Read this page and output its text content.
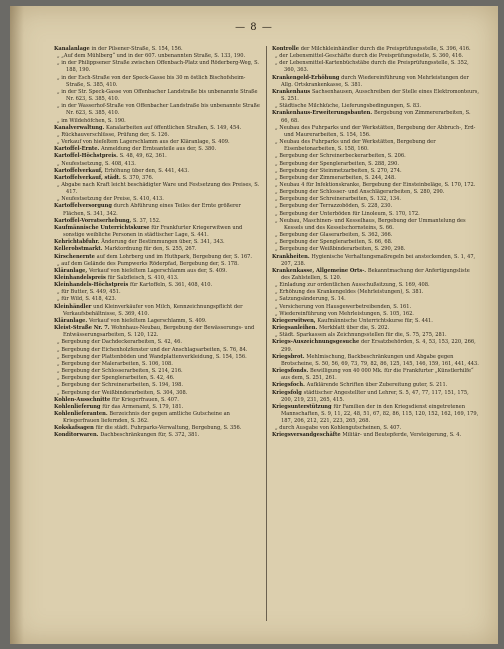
— 8 —

Kanalanlage in der Pilsener-Straße, S. 154, 156.

„ „Auf dem Mühlberg“ und in der 607. unbenannten Straße, S. 133, 190.

„ in der Philippsener Straße zwischen Offenbach-Platz und Röderberg-Weg, S. 188, 190.

„ in der Esch-Straße von der Speck-Gasse bis 30 m östlich Bischofsheim-Straße, S. 385, 410.

„ in der Str. Speck-Gasse von Offenbacher Landstraße bis unbenannte Straße Nr. 623, S. 385, 410.

„ in der Wasserhof-Straße von Offenbacher Landstraße bis unbenannte Straße Nr. 623, S. 385, 410.

„ im Wildehöfchen, S. 190.

Kanalverwaltung. Kanalarbeiten auf öffentlichen Straßen, S. 149, 454.

„ Rückhauverschlüsse, Prüfung der, S. 126.

„ Verkauf von hieſeltem Lagerschlamm aus der Kläranlage, S. 409.

Kartoffel-Ernte. Anmeldung der Ernteanteile aus der, S. 380.

Kartoffel-Höchstpreis. S. 48, 49, 62, 361.

„ Neufestsetzung, S. 408, 413.

Kartoffelverkauf, Erhöhung über den, S. 441, 443.

Kartoffelverkauf, städt. S. 370, 376.

„ Abgabe nach Kraft leicht beschädigter Ware und Festsetzung des Preises, S. 417.

„ Neufestsetzung der Preise, S. 410, 413.

Kartoffelversorgung durch Abführung eines Teiles der Ernte größerer Flächen, S. 341, 342.

Kartoffel-Vorratserhebung, S. 37, 152.

Kaufmännische Unterrichtskurse für Frankfurter Kriegerwitwen und sonstige weibliche Personen in städtischer Lage, S. 441.

Kehrichtabfuhr. Änderung der Bestimmungen über, S. 341, 343.

Kellerobstmarkt. Marktordnung für den, S. 255, 267.

Kirschenernte auf dem Lohrberg und im Huthpark, Bergebung der, S. 167.

„ auf dem Gelände des Pumpwerks Röderpfad, Bergebung der, S. 178.

Kläranlage, Verkauf von hieſeltem Lagerschlamm aus der, S. 409.

Kleinhandelspreis für Salzfleisch, S. 410, 413.

Kleinhandels-Höchstpreis für Kartoffeln, S. 361, 408, 410.

„ für Butter, S. 449, 451.

„ für Wild, S. 418, 423.

Kleinhändler und Kleinverkäufer von Milch, Kennzeichnungspflicht der Verkaufsbehältnisse, S. 369, 410.

Kläranlage. Verkauf von hieſeltem Lagerschlamm, S. 409.

Kleist-Straße Nr. 7. Wohnhaus-Neubau, Bergebung der Bewässerungs- und Entwässerungsarbeiten, S. 120, 122.

„ Bergebung der Dachdeckerarbeiten, S. 42, 46.

„ Bergebung der Eichenholzfenster und der Anschlagsarbeiten, S. 76, 84.

„ Bergebung der Plattenböden und Wandplattenverkleidung, S. 154, 156.

„ Bergebung der Malerarbeiten, S. 106, 108.

„ Bergebung der Schlosserarbeiten, S. 214, 216.

„ Bergebung der Spenglerarbeiten, S. 42, 46.

„ Bergebung der Schreinerarbeiten, S. 194, 198.

„ Bergebung der Weißbinderarbeiten, S. 304, 308.

Kohlen-Ausschnitte für Kriegerfrauen, S. 407.

Kohlenlieferung für das Armenamt, S. 179, 181.

Kohlenlieferanten. Berzeichnis der gegen amtliche Gutscheine an Kriegerfrauen liefernden, S. 362.

Kokskafsagen für die städt. Fuhrparks-Verwaltung, Bergebung, S. 356.

Konditorwaren. Dachbeschränkungen für, S. 372, 381.

Kontrolle der Milchkleinhändler durch die Preisprüfungsstelle, S. 396, 416.

„ der Lebensmittel-Geschäfte durch die Preisprüfungsstelle, S. 360, 416.

„ der Lebensmittel-Kartenbüchstäbe durch die Preisprüfungsstelle, S. 352, 360, 363.

Krankengeld-Erhöhung durch Wiedereinführung von Mehrleistungen der Allg. Ortskrankenkasse, S. 381.

Krankenhaus Sachsenhausen, Ausschreiben der Stelle eines Elektromonteurs, S. 251.

„ Städtische Milchküche, Lieferungsbedingungen, S. 83.

Krankenhaus-Erweiterungsbauten. Bergebung von Zimmererarbeiten, S. 66, 68.

„ Neubau des Fuhrparks und der Werkstätten, Bergebung der Abbruch-, Erd- und Maurerarbeiten, S. 154, 156.

„ Neubau des Fuhrparks und der Werkstätten, Bergebung der Eisenbetonarbeiten, S. 158, 160.

„ Bergebung der Schreinerbeckerarbeiten, S. 206.

„ Bergebung der Spenglerarbeiten, S. 288, 290.

„ Bergebung der Steinmetzarbeiten, S. 270, 274.

„ Bergebung der Zimmerarbeiten, S. 244, 248.

„ Neubau 4 für Infektionskranke, Bergebung der Einsteinbeläge, S. 170, 172.

„ Bergebung der Schlosser- und Anschlägerarbeiten, S. 280, 290.

„ Bergebung der Schreinerarbeiten, S. 132, 134.

„ Bergebung der Terrazzoböden, S. 228, 230.

„ Bergebung der Unterböden für Linoleum, S. 170, 172.

„ Neubau, Maschinen- und Kesselhaus, Bergebung der Ummantelung des Kessels und des Kesselschornsteins, S. 66.

„ Bergebung der Glaserarbeiten, S. 362, 366.

„ Bergebung der Spenglerarbeiten, S. 66, 68.

„ Bergebung der Weißbinderarbeiten, S. 290, 298.

Krankheiten. Hygienische Verhaltungsmaßregeln bei ansteckenden, S. 1, 47, 207, 238.

Krankenkasse, Allgemeine Orts-. Bekanntmachung der Anfertigungsliste des Zahlstellen, S. 120.

„ Einladung zur ordentlichen Ausschußsitzung, S. 169, 408.

„ Erhöhung des Krankengeldes (Mehrleistungen), S. 381.

„ Satzungsänderung, S. 14.

„ Versicherung von Hausgewerbetreibenden, S. 161.

„ Wiedereinführung von Mehrleistungen, S. 105, 162.

Kriegerwitwen, Kaufmännische Unterrichtskurse für, S. 441.

Kriegsanleihen. Merkblatt über die, S. 202.

„ Städt. Sparkassen als Zeichnungsstellen für die, S. 75, 275, 281.

Kriegs-Auszeichnungsgesuche der Ersatzbehörden, S. 4, 53, 153, 220, 266, 299.

Kriegsbrot. Mehlmischung, Backbeschränkungen und Abgabe gegen Brotscheine, S. 50, 56, 69, 73, 79, 82, 86, 125, 145, 146, 159, 161, 441, 443.

Kriegsfonds. Bewilligung von 40 000 Mk. für die Frankfurter „Künstlerhilfe“ aus dem, S. 251, 261.

Kriegsfoch. Aufklärende Schriften über Zubereitung guter, S. 211.

Kriegsfolg städtischer Angestellter und Lehrer, S. 5, 47, 77, 117, 151, 175, 200, 219, 231, 265, 415.

Kriegsunterstützung für Familien der in den Kriegsdienst eingetretenen Mannschaften, S. 9, 11, 22, 48, 51, 67, 82, 86, 115, 120, 152, 162, 169, 179, 187, 206, 212, 221, 223, 265, 268.

„ durch Ausgabe von Kohlengutscheinen, S. 407.

Kriegsversandgeschäfte Militär- und Beutepferde, Versteigerung, S. 4.
